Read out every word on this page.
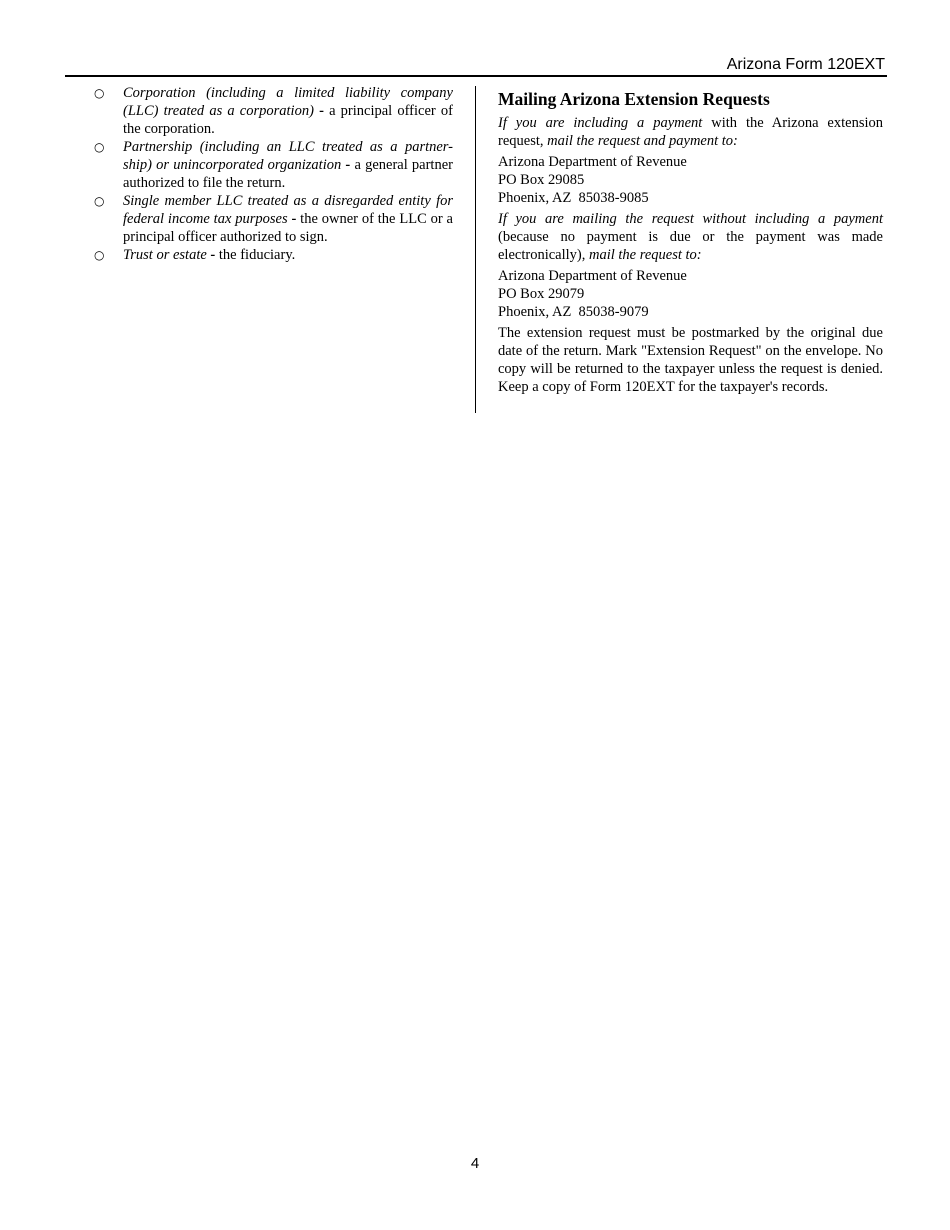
Arizona Form 120EXT
○ Corporation (including a limited liability company (LLC) treated as a corporation) - a principal officer of the corporation.
○ Partnership (including an LLC treated as a partner-ship) or unincorporated organization - a general partner authorized to file the return.
○ Single member LLC treated as a disregarded entity for federal income tax purposes - the owner of the LLC or a principal officer authorized to sign.
○ Trust or estate - the fiduciary.
Mailing Arizona Extension Requests

If you are including a payment with the Arizona extension request, mail the request and payment to:

Arizona Department of Revenue
PO Box 29085
Phoenix, AZ  85038-9085

If you are mailing the request without including a payment (because no payment is due or the payment was made electronically), mail the request to:

Arizona Department of Revenue
PO Box 29079
Phoenix, AZ  85038-9079

The extension request must be postmarked by the original due date of the return. Mark "Extension Request" on the envelope. No copy will be returned to the taxpayer unless the request is denied. Keep a copy of Form 120EXT for the taxpayer's records.

4
